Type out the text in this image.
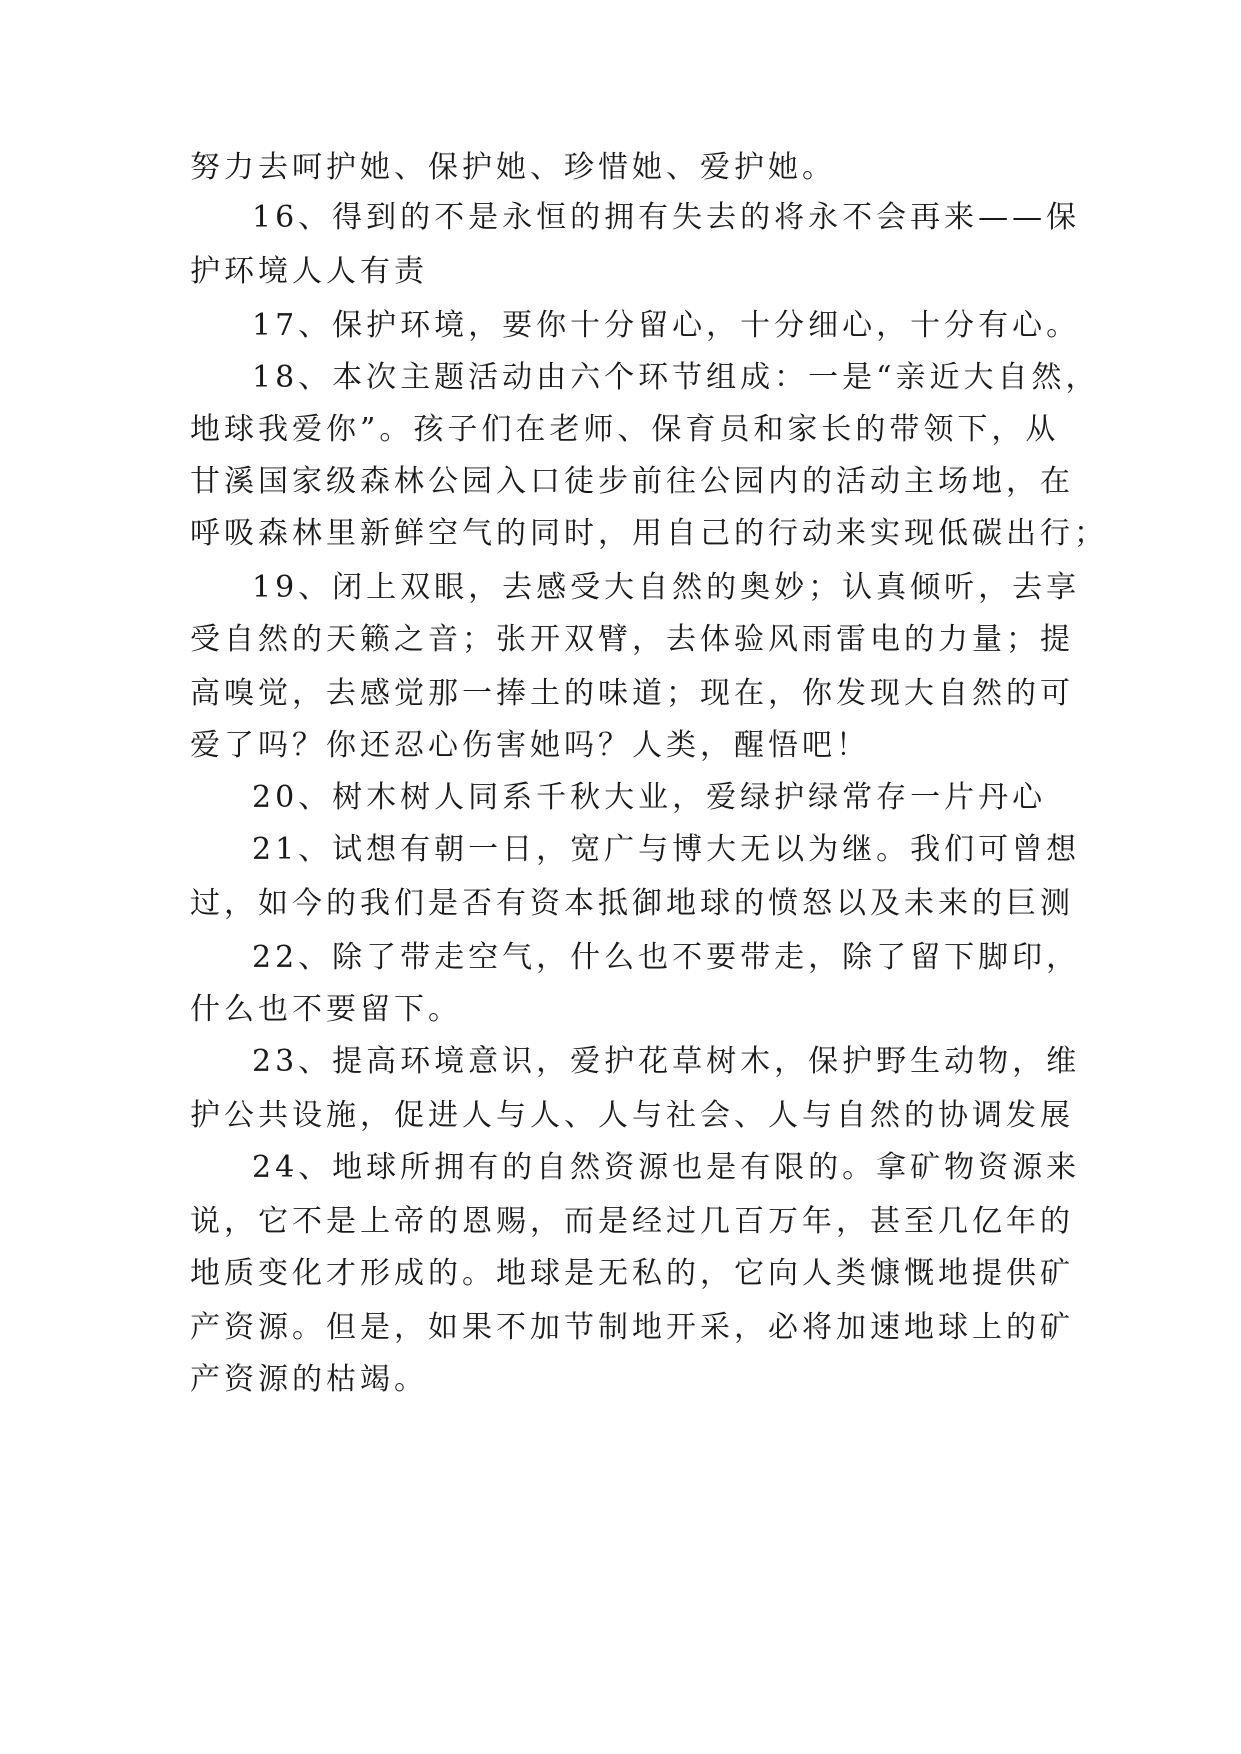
努力去呵护她、保护她、珍惜她、爱护她。
16、得到的不是永恒的拥有失去的将永不会再来——保
护环境人人有责
17、保护环境，要你十分留心，十分细心，十分有心。
18、本次主题活动由六个环节组成：一是“亲近大自然，
地球我爱你”。孩子们在老师、保育员和家长的带领下，从
甘溪国家级森林公园入口徒步前往公园内的活动主场地，在
呼吸森林里新鲜空气的同时，用自己的行动来实现低碳出行；
19、闭上双眼，去感受大自然的奥妙；认真倾听，去享
受自然的天籁之音；张开双臂，去体验风雨雷电的力量；提
高嗅觉，去感觉那一捧土的味道；现在，你发现大自然的可
爱了吗？你还忍心伤害她吗？人类，醒悟吧！
20、树木树人同系千秋大业，爱绿护绿常存一片丹心
21、试想有朝一日，宽广与博大无以为继。我们可曾想
过，如今的我们是否有资本抵御地球的愤怒以及未来的巨测
22、除了带走空气，什么也不要带走，除了留下脚印，
什么也不要留下。
23、提高环境意识，爱护花草树木，保护野生动物，维
护公共设施，促进人与人、人与社会、人与自然的协调发展
24、地球所拥有的自然资源也是有限的。拿矿物资源来
说，它不是上帝的恩赐，而是经过几百万年，甚至几亿年的
地质变化才形成的。地球是无私的，它向人类慷慨地提供矿
产资源。但是，如果不加节制地开采，必将加速地球上的矿
产资源的枯竭。
